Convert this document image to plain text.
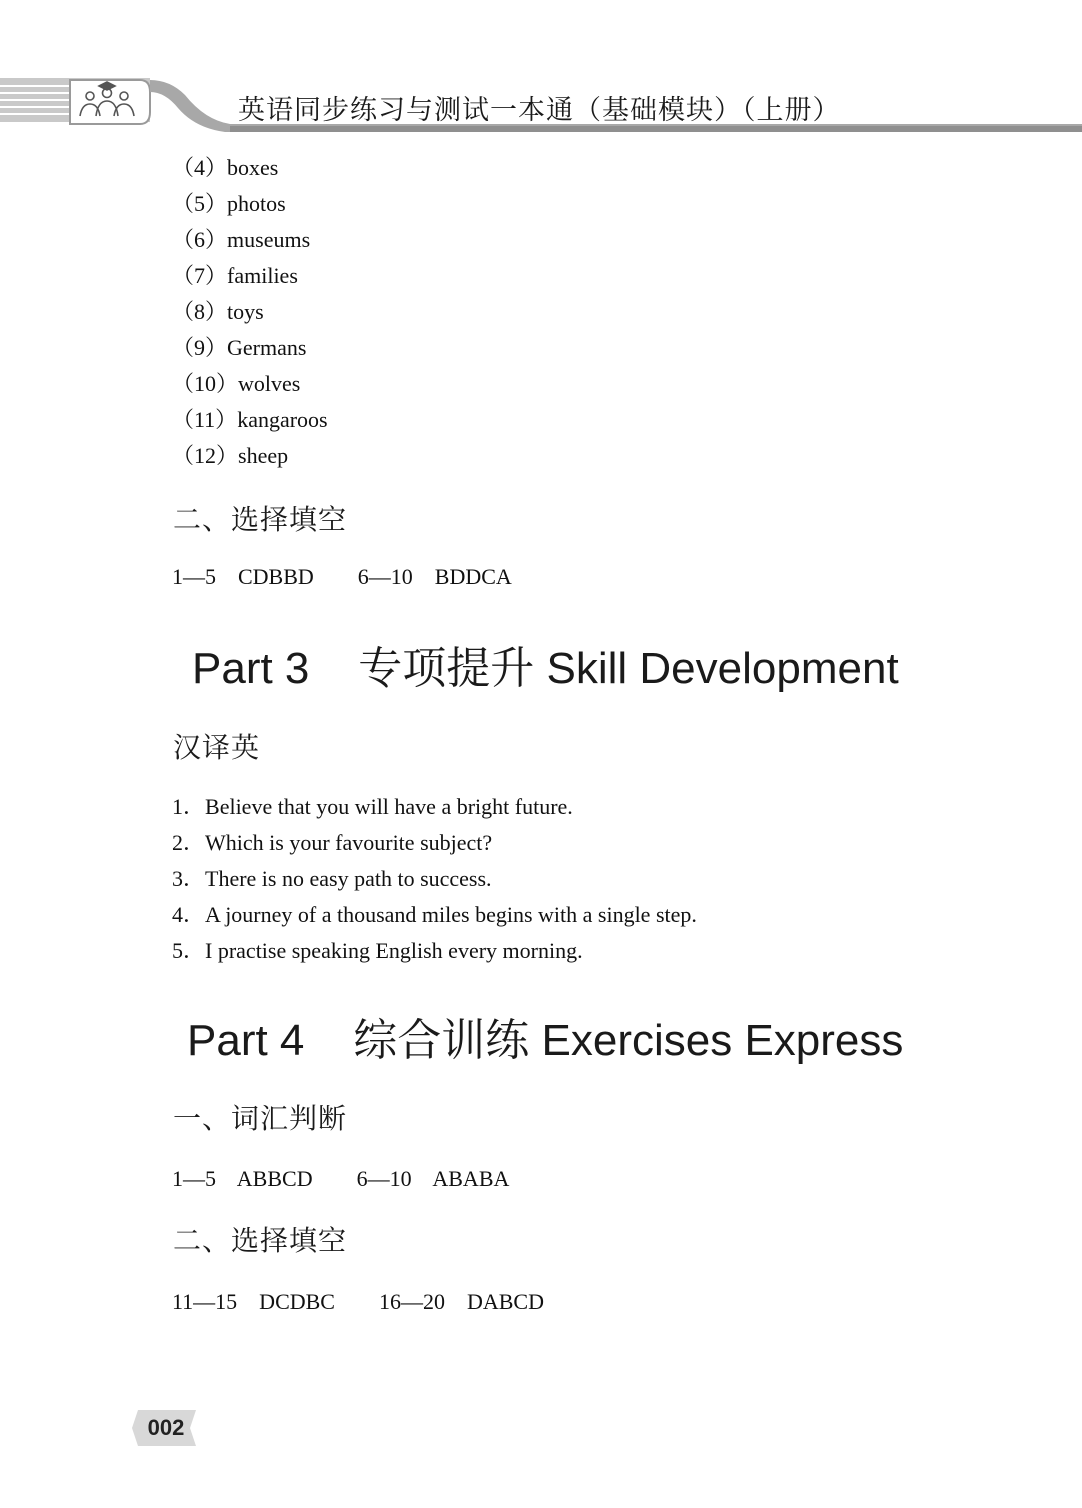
英语同步练习与测试一本通（基础模块）（上册）
（4）boxes
（5）photos
（6）museums
（7）families
（8）toys
（9）Germans
（10）wolves
（11）kangaroos
（12）sheep
二、选择填空
1—5    CDBBD        6—10    BDDCA
Part 3    专项提升 Skill Development
汉译英
1．Believe that you will have a bright future.
2．Which is your favourite subject?
3．There is no easy path to success.
4．A journey of a thousand miles begins with a single step.
5．I practise speaking English every morning.
Part 4    综合训练 Exercises Express
一、词汇判断
1—5    ABBCD        6—10    ABABA
二、选择填空
11—15    DCDBC        16—20    DABCD
002
